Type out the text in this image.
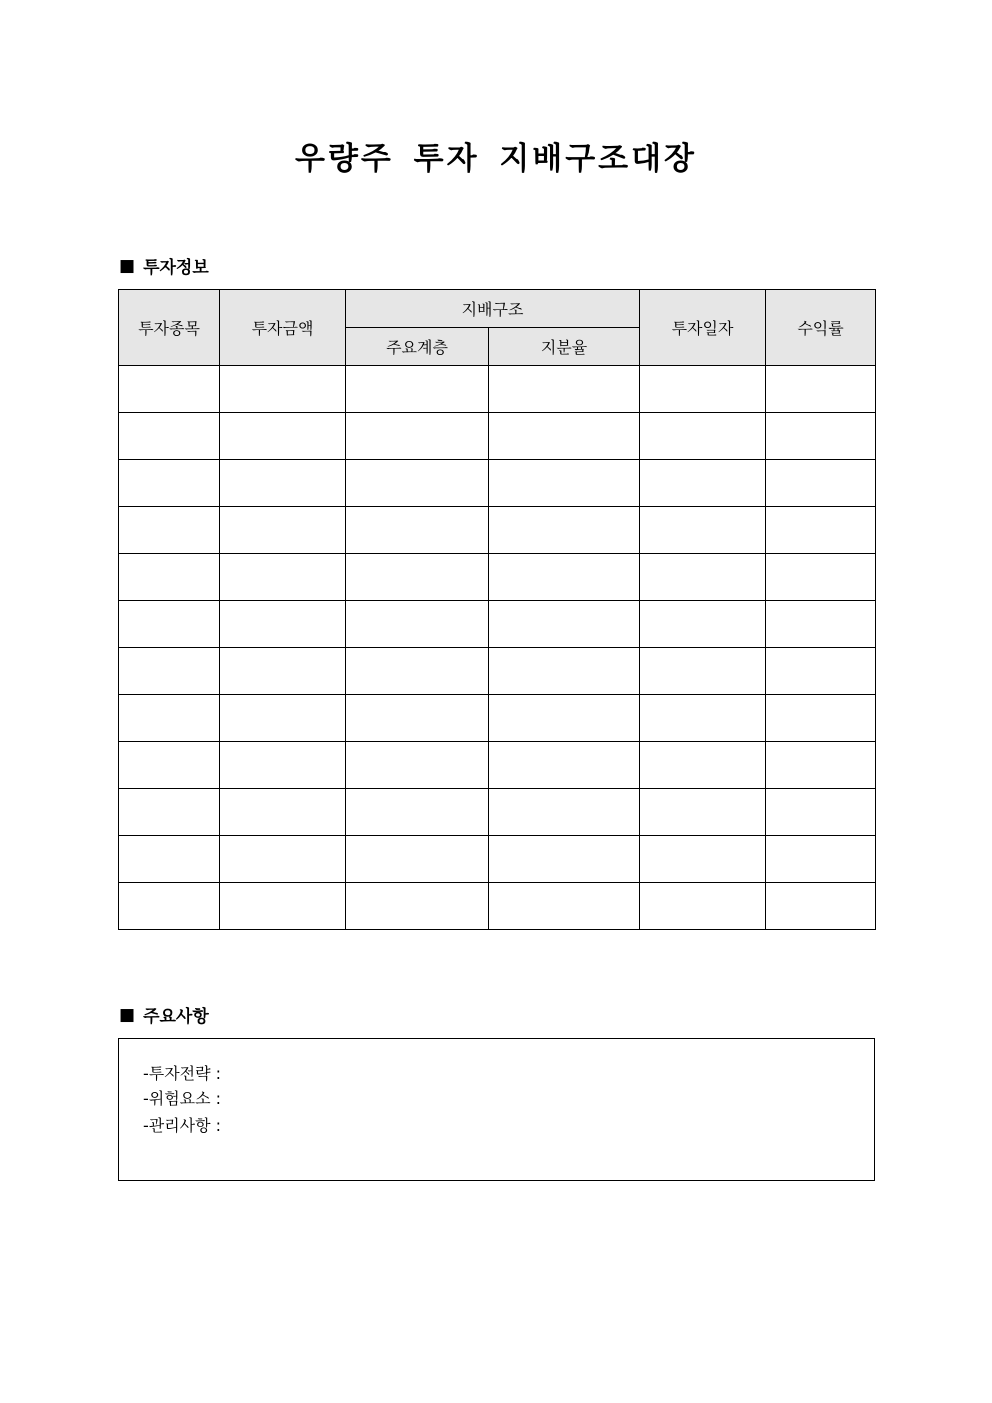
우량주 투자 지배구조대장
■ 투자정보
투자종목	투자금액	지배구조		투자일자	수익률
		주요계층	지분율		

■ 주요사항
-투자전략 :
-위험요소 :
-관리사항 :
